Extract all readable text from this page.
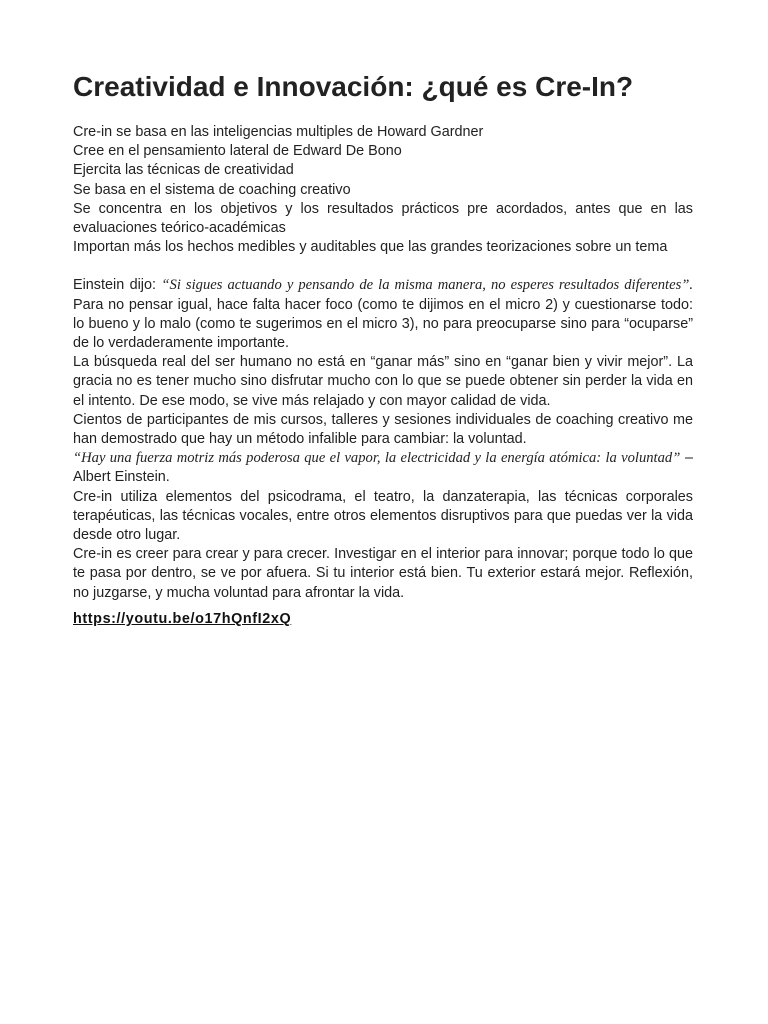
Creatividad e Innovación: ¿qué es Cre-In?

Cre-in se basa en las inteligencias multiples de Howard Gardner

Cree en el pensamiento lateral de Edward De Bono

Ejercita las técnicas de creatividad

Se basa en el sistema de coaching creativo

Se concentra en los objetivos y los resultados prácticos pre acordados, antes que en las evaluaciones teórico-académicas

Importan más los hechos medibles y auditables que las grandes teorizaciones sobre un tema

Einstein dijo: “Si sigues actuando y pensando de la misma manera, no esperes resultados diferentes”. Para no pensar igual, hace falta hacer foco (como te dijimos en el micro 2) y cuestionarse todo: lo bueno y lo malo (como te sugerimos en el micro 3), no para preocuparse sino para “ocuparse” de lo verdaderamente importante.

La búsqueda real del ser humano no está en “ganar más” sino en “ganar bien y vivir mejor”. La gracia no es tener mucho sino disfrutar mucho con lo que se puede obtener sin perder la vida en el intento. De ese modo, se vive más relajado y con mayor calidad de vida.

Cientos de participantes de mis cursos, talleres y sesiones individuales de coaching creativo me han demostrado que hay un método infalible para cambiar: la voluntad.

“Hay una fuerza motriz más poderosa que el vapor, la electricidad y la energía atómica: la voluntad” – Albert Einstein.

Cre-in utiliza elementos del psicodrama, el teatro, la danzaterapia, las técnicas corporales terapéuticas, las técnicas vocales, entre otros elementos disruptivos para que puedas ver la vida desde otro lugar.

Cre-in es creer para crear y para crecer. Investigar en el interior para innovar; porque todo lo que te pasa por dentro, se ve por afuera. Si tu interior está bien. Tu exterior estará mejor. Reflexión, no juzgarse, y mucha voluntad para afrontar la vida.

https://youtu.be/o17hQnfI2xQ
